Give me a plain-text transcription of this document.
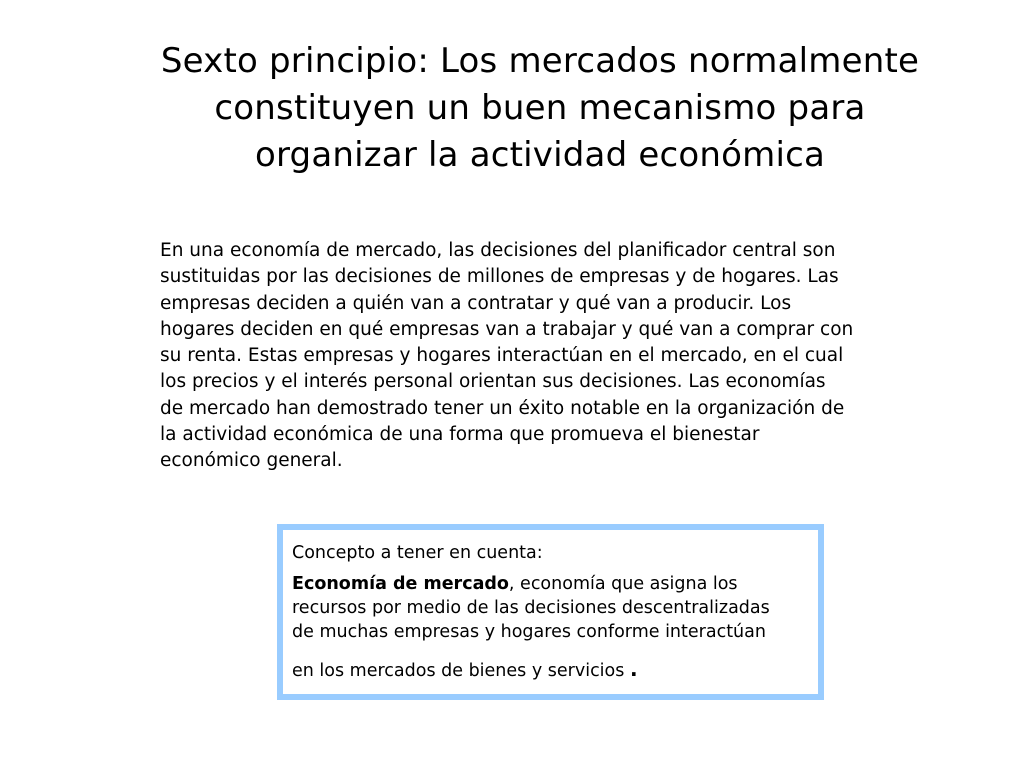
Sexto principio: Los mercados normalmente
constituyen un buen mecanismo para
organizar la actividad económica

En una economía de mercado, las decisiones del planificador central son
sustituidas por las decisiones de millones de empresas y de hogares. Las
empresas deciden a quién van a contratar y qué van a producir. Los
hogares deciden en qué empresas van a trabajar y qué van a comprar con
su renta. Estas empresas y hogares interactúan en el mercado, en el cual
los precios y el interés personal orientan sus decisiones. Las economías
de mercado han demostrado tener un éxito notable en la organización de
la actividad económica de una forma que promueva el bienestar
económico general.

Concepto a tener en cuenta:

Economía de mercado, economía que asigna los
recursos por medio de las decisiones descentralizadas
de muchas empresas y hogares conforme interactúan
en los mercados de bienes y servicios .
